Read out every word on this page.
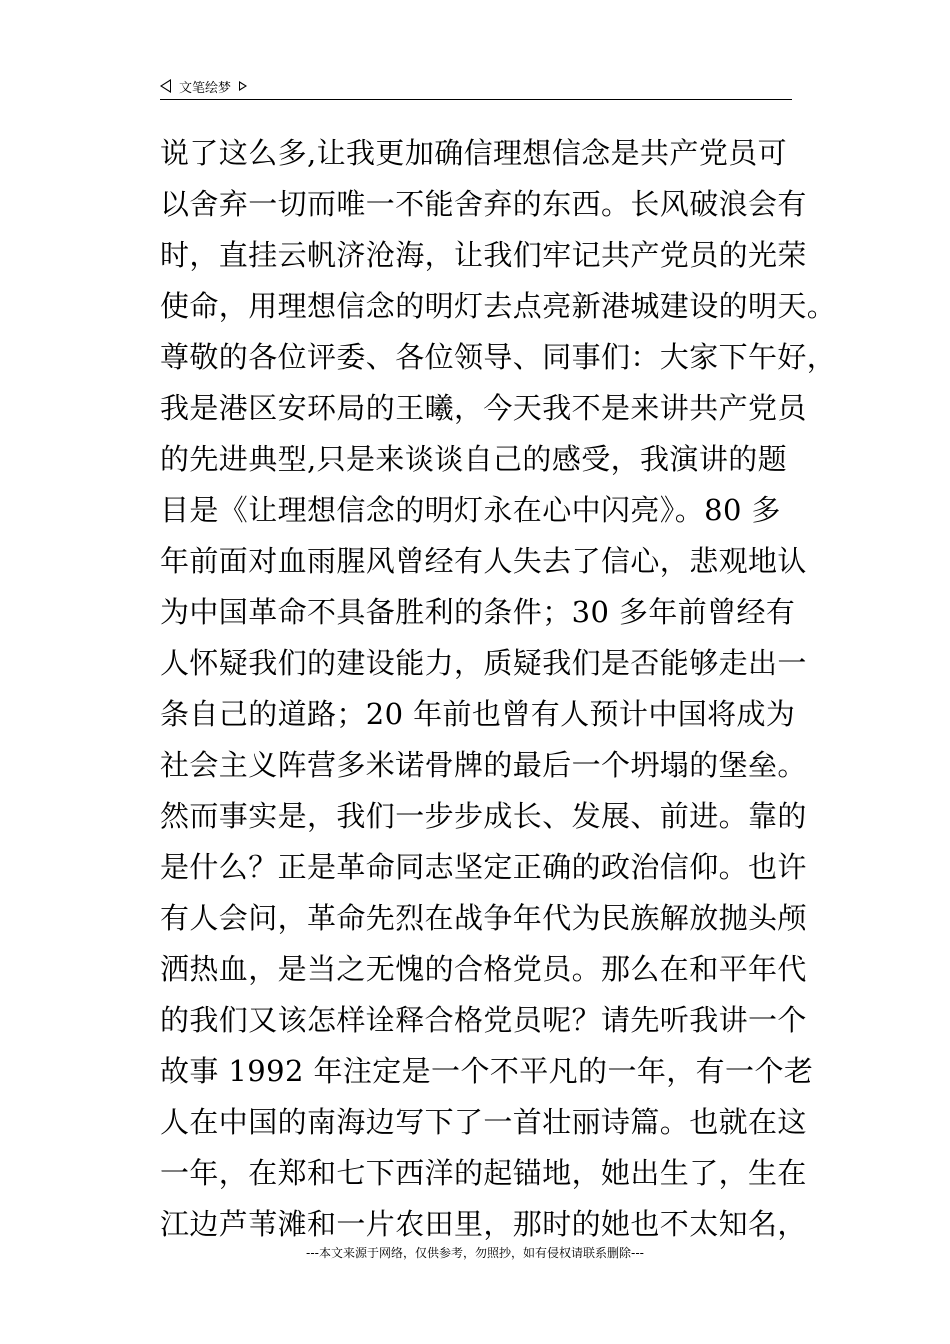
文笔绘梦
说了这么多,让我更加确信理想信念是共产党员可
以舍弃一切而唯一不能舍弃的东西。长风破浪会有
时，直挂云帆济沧海，让我们牢记共产党员的光荣
使命，用理想信念的明灯去点亮新港城建设的明天。
尊敬的各位评委、各位领导、同事们：大家下午好，
我是港区安环局的王曦，今天我不是来讲共产党员
的先进典型,只是来谈谈自己的感受，我演讲的题
目是《让理想信念的明灯永在心中闪亮》。80 多
年前面对血雨腥风曾经有人失去了信心，悲观地认
为中国革命不具备胜利的条件；30 多年前曾经有
人怀疑我们的建设能力，质疑我们是否能够走出一
条自己的道路；20 年前也曾有人预计中国将成为
社会主义阵营多米诺骨牌的最后一个坍塌的堡垒。
然而事实是，我们一步步成长、发展、前进。靠的
是什么？正是革命同志坚定正确的政治信仰。也许
有人会问，革命先烈在战争年代为民族解放抛头颅
洒热血，是当之无愧的合格党员。那么在和平年代
的我们又该怎样诠释合格党员呢？请先听我讲一个
故事 1992 年注定是一个不平凡的一年，有一个老
人在中国的南海边写下了一首壮丽诗篇。也就在这
一年，在郑和七下西洋的起锚地，她出生了，生在
江边芦苇滩和一片农田里，那时的她也不太知名，
---本文来源于网络，仅供参考，勿照抄，如有侵权请联系删除---
